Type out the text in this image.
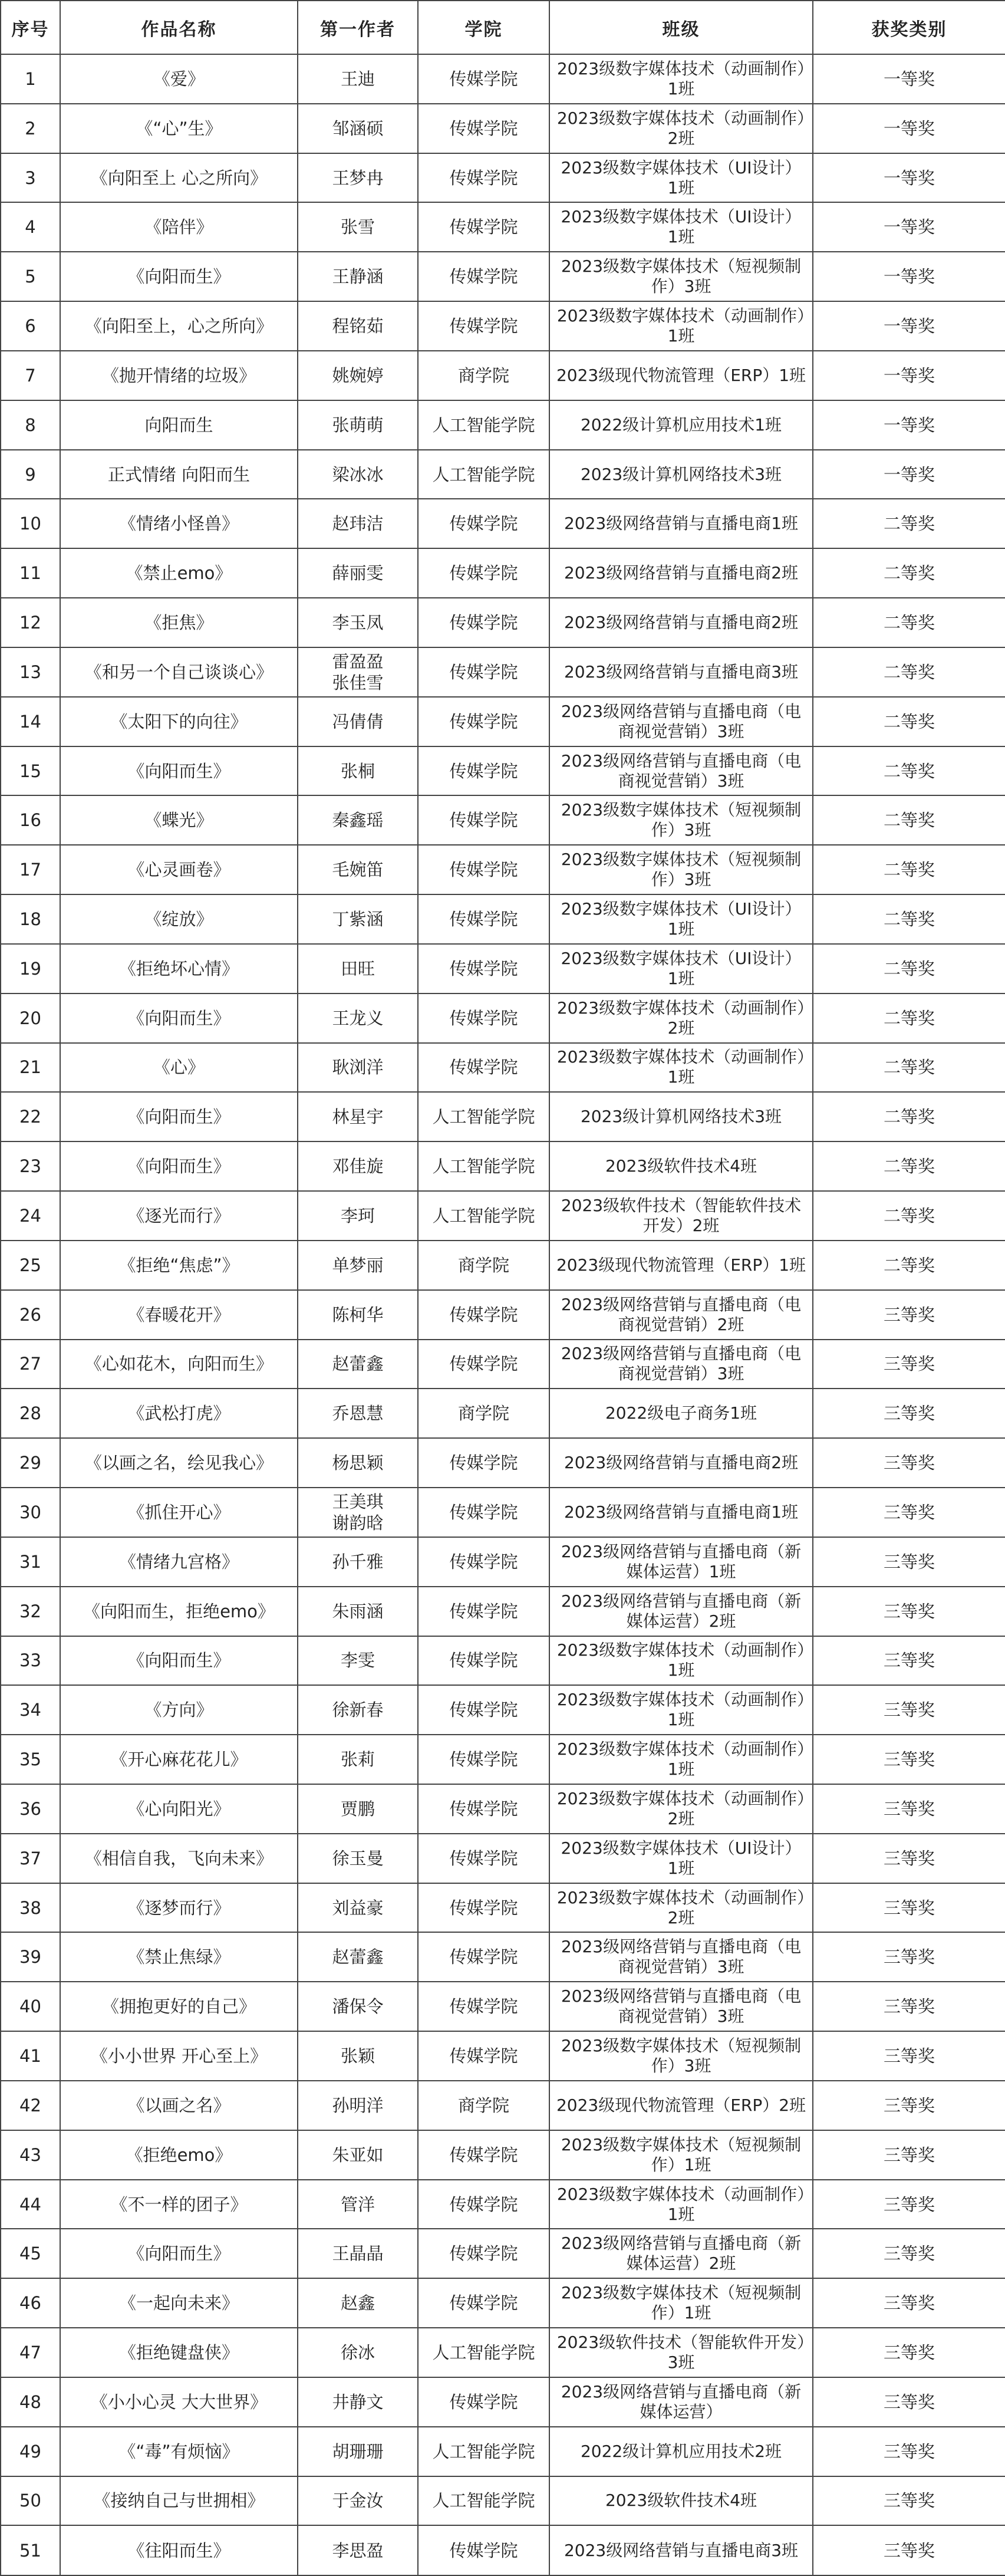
序号	作品名称	第一作者	学院	班级	获奖类别
1	《爱》	王迪	传媒学院	2023级数字媒体技术（动画制作）1班	一等奖
2	《“心”生》	邹涵硕	传媒学院	2023级数字媒体技术（动画制作）2班	一等奖
3	《向阳至上 心之所向》	王梦冉	传媒学院	2023级数字媒体技术（UI设计）1班	一等奖
4	《陪伴》	张雪	传媒学院	2023级数字媒体技术（UI设计）1班	一等奖
5	《向阳而生》	王静涵	传媒学院	2023级数字媒体技术（短视频制作）3班	一等奖
6	《向阳至上，心之所向》	程铭茹	传媒学院	2023级数字媒体技术（动画制作）1班	一等奖
7	《抛开情绪的垃圾》	姚婉婷	商学院	2023级现代物流管理（ERP）1班	一等奖
8	向阳而生	张萌萌	人工智能学院	2022级计算机应用技术1班	一等奖
9	正式情绪 向阳而生	梁冰冰	人工智能学院	2023级计算机网络技术3班	一等奖
10	《情绪小怪兽》	赵玮洁	传媒学院	2023级网络营销与直播电商1班	二等奖
11	《禁止emo》	薛丽雯	传媒学院	2023级网络营销与直播电商2班	二等奖
12	《拒焦》	李玉凤	传媒学院	2023级网络营销与直播电商2班	二等奖
13	《和另一个自己谈谈心》	雷盈盈
张佳雪	传媒学院	2023级网络营销与直播电商3班	二等奖
14	《太阳下的向往》	冯倩倩	传媒学院	2023级网络营销与直播电商（电商视觉营销）3班	二等奖
15	《向阳而生》	张桐	传媒学院	2023级网络营销与直播电商（电商视觉营销）3班	二等奖
16	《蝶光》	秦鑫瑶	传媒学院	2023级数字媒体技术（短视频制作）3班	二等奖
17	《心灵画卷》	毛婉笛	传媒学院	2023级数字媒体技术（短视频制作）3班	二等奖
18	《绽放》	丁紫涵	传媒学院	2023级数字媒体技术（UI设计）1班	二等奖
19	《拒绝坏心情》	田旺	传媒学院	2023级数字媒体技术（UI设计）1班	二等奖
20	《向阳而生》	王龙义	传媒学院	2023级数字媒体技术（动画制作）2班	二等奖
21	《心》	耿浏洋	传媒学院	2023级数字媒体技术（动画制作）1班	二等奖
22	《向阳而生》	林星宇	人工智能学院	2023级计算机网络技术3班	二等奖
23	《向阳而生》	邓佳旋	人工智能学院	2023级软件技术4班	二等奖
24	《逐光而行》	李珂	人工智能学院	2023级软件技术（智能软件技术开发）2班	二等奖
25	《拒绝“焦虑”》	单梦丽	商学院	2023级现代物流管理（ERP）1班	二等奖
26	《春暖花开》	陈柯华	传媒学院	2023级网络营销与直播电商（电商视觉营销）2班	三等奖
27	《心如花木，向阳而生》	赵蕾鑫	传媒学院	2023级网络营销与直播电商（电商视觉营销）3班	三等奖
28	《武松打虎》	乔恩慧	商学院	2022级电子商务1班	三等奖
29	《以画之名，绘见我心》	杨思颖	传媒学院	2023级网络营销与直播电商2班	三等奖
30	《抓住开心》	王美琪
谢韵晗	传媒学院	2023级网络营销与直播电商1班	三等奖
31	《情绪九宫格》	孙千雅	传媒学院	2023级网络营销与直播电商（新媒体运营）1班	三等奖
32	《向阳而生，拒绝emo》	朱雨涵	传媒学院	2023级网络营销与直播电商（新媒体运营）2班	三等奖
33	《向阳而生》	李雯	传媒学院	2023级数字媒体技术（动画制作）1班	三等奖
34	《方向》	徐新春	传媒学院	2023级数字媒体技术（动画制作）1班	三等奖
35	《开心麻花花儿》	张莉	传媒学院	2023级数字媒体技术（动画制作）1班	三等奖
36	《心向阳光》	贾鹏	传媒学院	2023级数字媒体技术（动画制作）2班	三等奖
37	《相信自我，飞向未来》	徐玉曼	传媒学院	2023级数字媒体技术（UI设计）1班	三等奖
38	《逐梦而行》	刘益豪	传媒学院	2023级数字媒体技术（动画制作）2班	三等奖
39	《禁止焦绿》	赵蕾鑫	传媒学院	2023级网络营销与直播电商（电商视觉营销）3班	三等奖
40	《拥抱更好的自己》	潘保令	传媒学院	2023级网络营销与直播电商（电商视觉营销）3班	三等奖
41	《小小世界 开心至上》	张颖	传媒学院	2023级数字媒体技术（短视频制作）3班	三等奖
42	《以画之名》	孙明洋	商学院	2023级现代物流管理（ERP）2班	三等奖
43	《拒绝emo》	朱亚如	传媒学院	2023级数字媒体技术（短视频制作）1班	三等奖
44	《不一样的团子》	管洋	传媒学院	2023级数字媒体技术（动画制作）1班	三等奖
45	《向阳而生》	王晶晶	传媒学院	2023级网络营销与直播电商（新媒体运营）2班	三等奖
46	《一起向未来》	赵鑫	传媒学院	2023级数字媒体技术（短视频制作）1班	三等奖
47	《拒绝键盘侠》	徐冰	人工智能学院	2023级软件技术（智能软件开发）3班	三等奖
48	《小小心灵 大大世界》	井静文	传媒学院	2023级网络营销与直播电商（新媒体运营）	三等奖
49	《“毒”有烦恼》	胡珊珊	人工智能学院	2022级计算机应用技术2班	三等奖
50	《接纳自己与世拥相》	于金汝	人工智能学院	2023级软件技术4班	三等奖
51	《往阳而生》	李思盈	传媒学院	2023级网络营销与直播电商3班	三等奖
